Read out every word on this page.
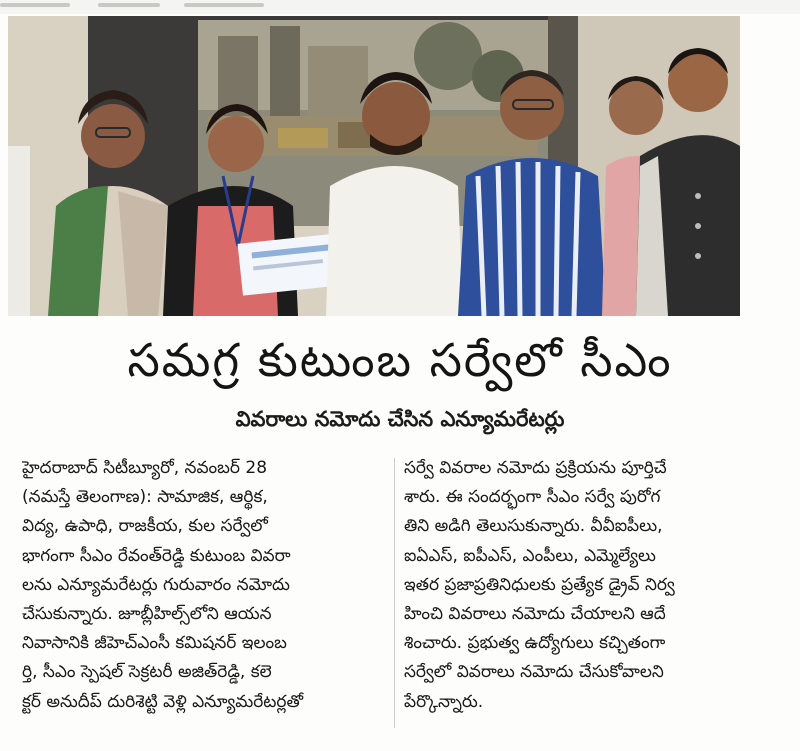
సమగ్ర కుటుంబ సర్వేలో సీఎం
వివరాలు నమోదు చేసిన ఎన్యూమరేటర్లు
హైదరాబాద్ సిటీబ్యూరో, నవంబర్ 28
(నమస్తే తెలంగాణ): సామాజిక, ఆర్థిక,
విద్య, ఉపాధి, రాజకీయ, కుల సర్వేలో
భాగంగా సీఎం రేవంత్‌రెడ్డి కుటుంబ వివరా
లను ఎన్యూమరేటర్లు గురువారం నమోదు
చేసుకున్నారు. జూబ్లీహిల్స్‌లోని ఆయన
నివాసానికి జీహెచ్‌ఎంసీ కమిషనర్ ఇలంబ
ర్తి, సీఎం స్పెషల్ సెక్రటరీ అజిత్‌రెడ్డి, కలె
క్టర్ అనుదీప్ దురిశెట్టి వెళ్లి ఎన్యూమరేటర్లతో
సర్వే వివరాల నమోదు ప్రక్రియను పూర్తిచే
శారు. ఈ సందర్భంగా సీఎం సర్వే పురోగ
తిని అడిగి తెలుసుకున్నారు. వీవీఐపీలు,
ఐఏఎస్, ఐపీఎస్, ఎంపీలు, ఎమ్మెల్యేలు
ఇతర ప్రజాప్రతినిధులకు ప్రత్యేక డ్రైవ్ నిర్వ
హించి వివరాలు నమోదు చేయాలని ఆదే
శించారు. ప్రభుత్వ ఉద్యోగులు కచ్చితంగా
సర్వేలో వివరాలు నమోదు చేసుకోవాలని
పేర్కొన్నారు.
